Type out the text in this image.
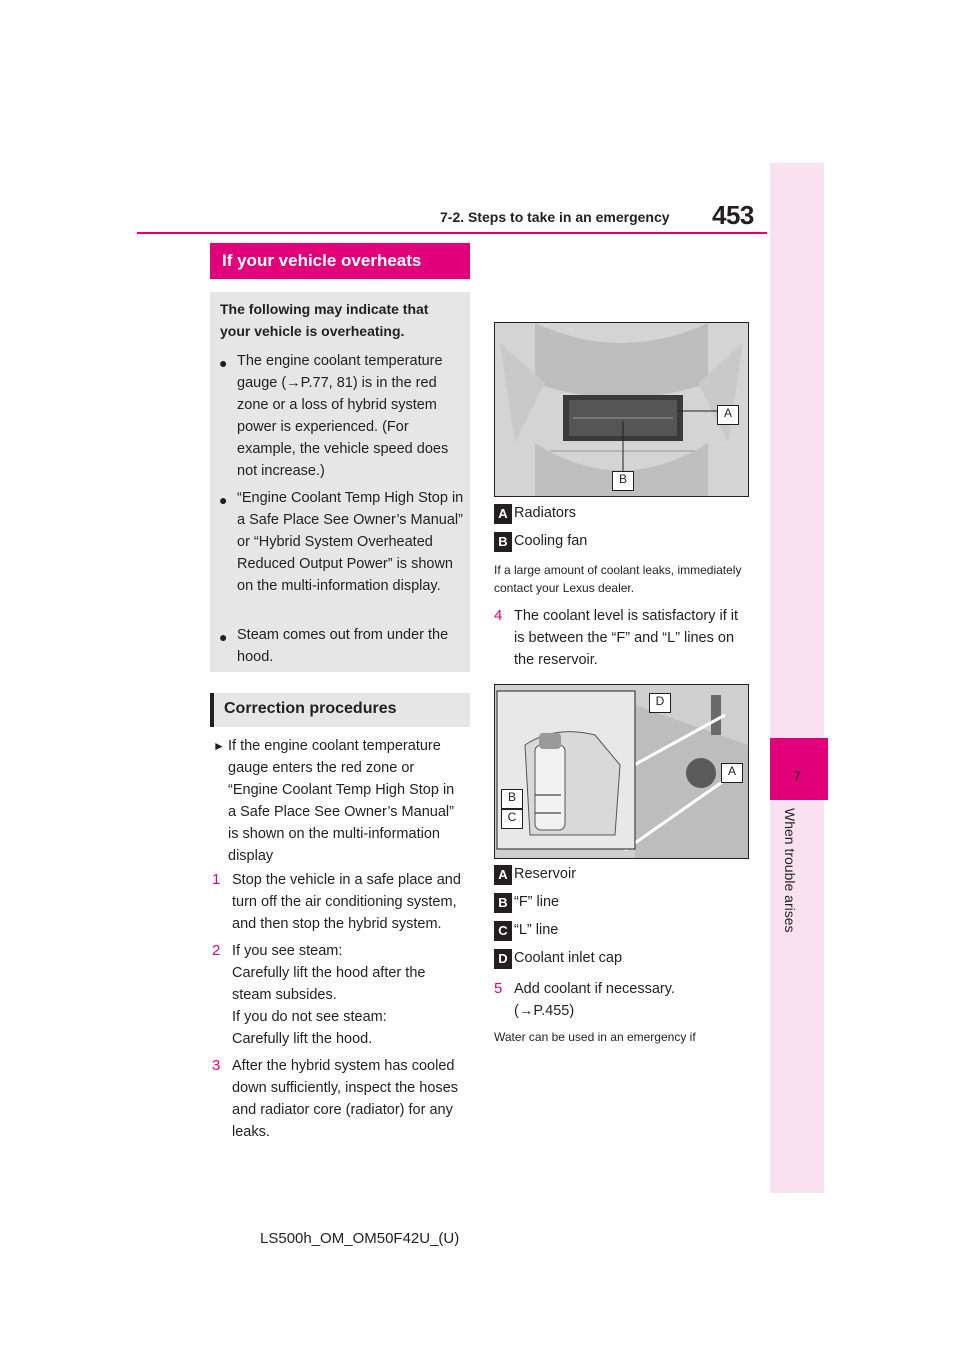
7-2. Steps to take in an emergency 453
7
When trouble arises
If your vehicle overheats
The following may indicate that your vehicle is overheating.
● The engine coolant temperature gauge (→P.77, 81) is in the red zone or a loss of hybrid system power is experienced. (For example, the vehicle speed does not increase.)
● “Engine Coolant Temp High Stop in a Safe Place See Owner’s Manual” or “Hybrid System Overheated Reduced Output Power” is shown on the multi-information display.
● Steam comes out from under the hood.
Correction procedures
► If the engine coolant temperature gauge enters the red zone or “Engine Coolant Temp High Stop in a Safe Place See Owner’s Manual” is shown on the multi-information display
1 Stop the vehicle in a safe place and turn off the air conditioning system, and then stop the hybrid system.
2 If you see steam:
Carefully lift the hood after the steam subsides.
If you do not see steam:
Carefully lift the hood.
3 After the hybrid system has cooled down sufficiently, inspect the hoses and radiator core (radiator) for any leaks.
A
B
A Radiators
B Cooling fan
If a large amount of coolant leaks, immediately contact your Lexus dealer.
4 The coolant level is satisfactory if it is between the “F” and “L” lines on the reservoir.
D
A
B
C
A Reservoir
B “F” line
C “L” line
D Coolant inlet cap
5 Add coolant if necessary.
(→P.455)
Water can be used in an emergency if
LS500h_OM_OM50F42U_(U)
